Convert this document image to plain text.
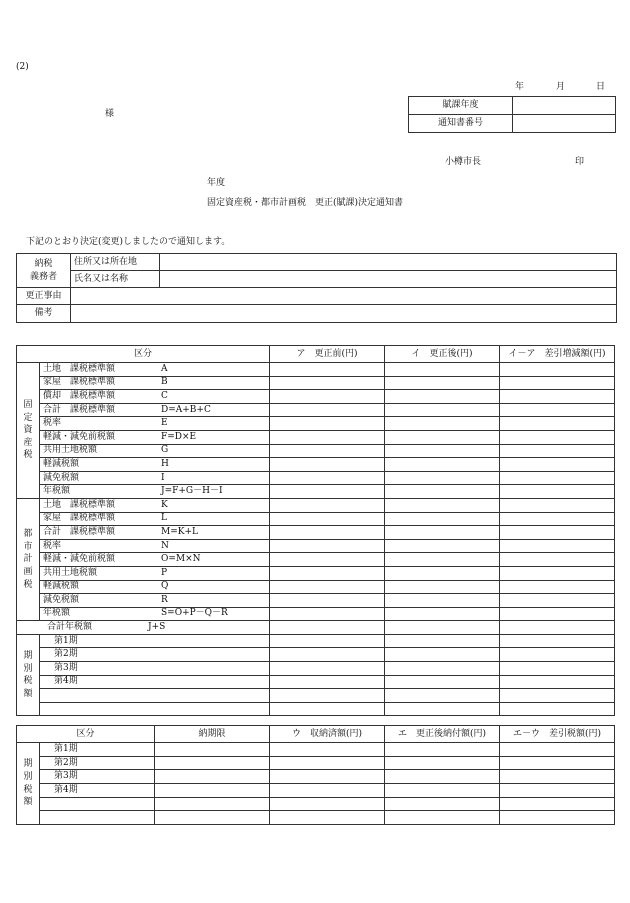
(2)
年	月	日
様
賦課年度	
通知書番号	
小樽市長	印
年度
固定資産税・都市計画税　更正(賦課)決定通知書
下記のとおり決定(変更)しましたので通知します。
納税
義務者	住所又は所在地	
	氏名又は名称	
更正事由		
備考		
区分		ア　更正前(円)	イ　更正後(円)	イ－ア　差引増減額(円)

固
定
資
産
税	土地　課税標準額 A			
	家屋　課税標準額 B			
	償却　課税標準額 C			
	合計　課税標準額 D=A+B+C			
	税率 E			
	軽減・減免前税額 F=D×E			
	共用土地税額 G			
	軽減税額 H			
	減免税額 I			
	年税額 J=F+G－H－I			

都
市
計
画
税	土地　課税標準額 K			
	家屋　課税標準額 L			
	合計　課税標準額 M=K+L			
	税率 N			
	軽減・減免前税額 O=M×N			
	共用土地税額 P			
	軽減税額 Q			
	減免税額 R			
	年税額 S=O+P－Q－R			
合計年税額 J+S				

期
別
税
額	第1期			
	第2期			
	第3期			
	第4期			

区分		納期限	ウ　収納済額(円)	エ　更正後納付額(円)	エ－ウ　差引税額(円)

期
別
税
額	第1期				
	第2期				
	第3期				
	第4期				
